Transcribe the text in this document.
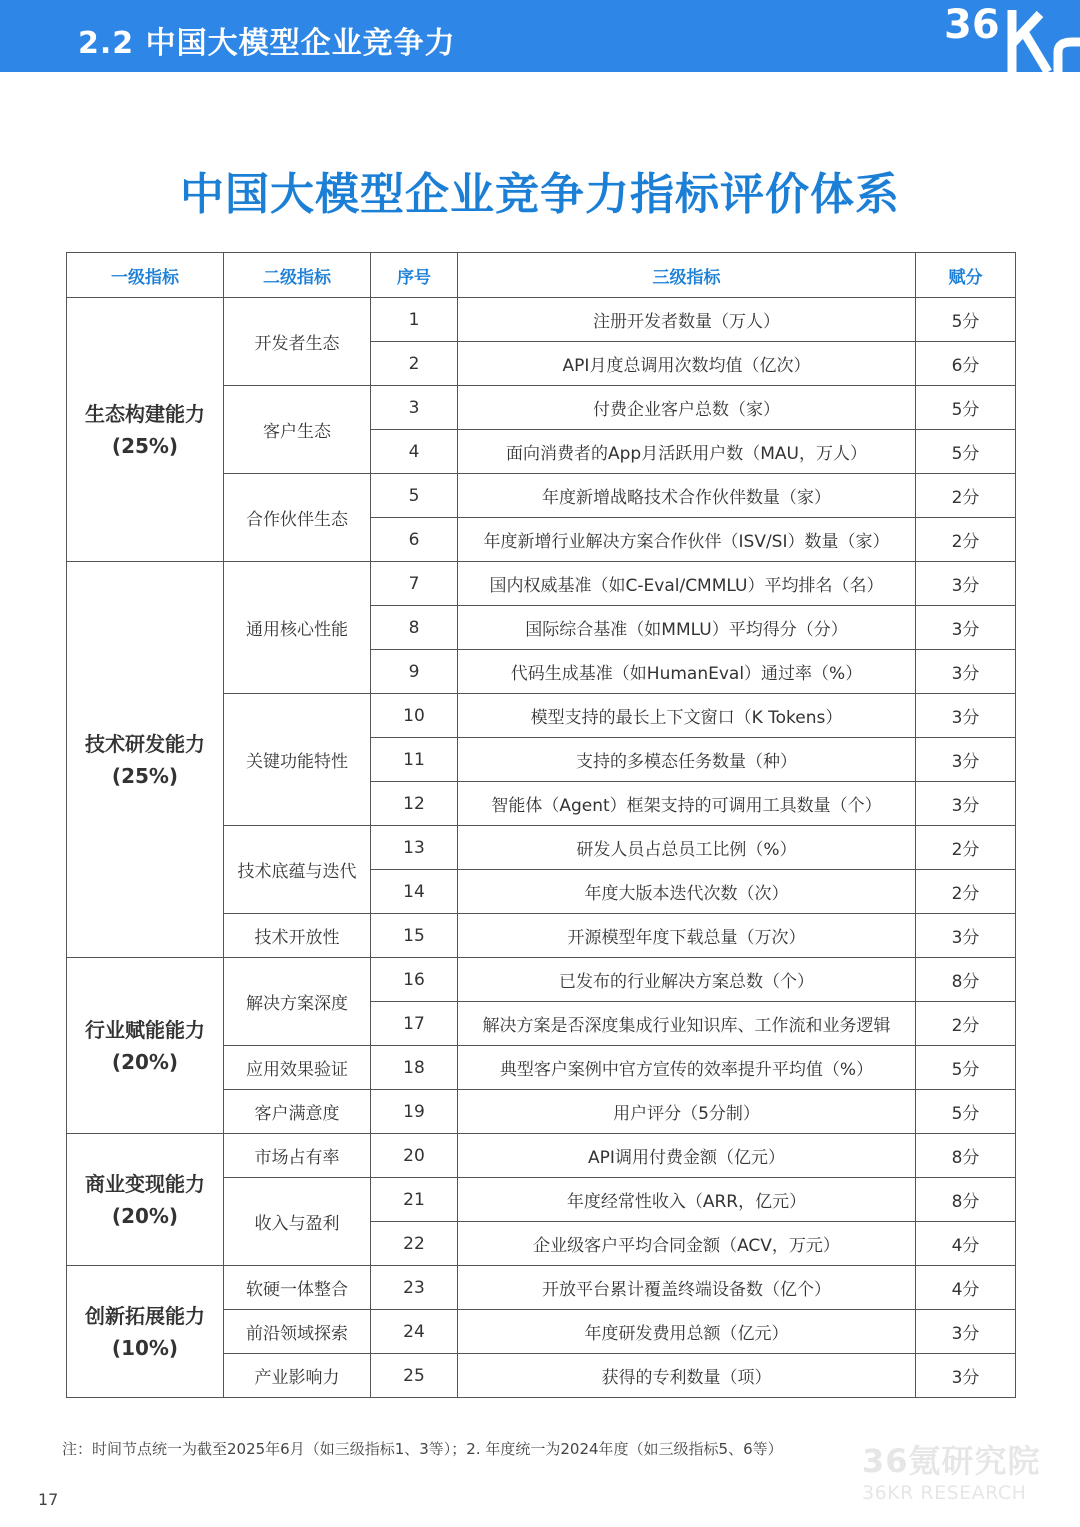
2.2 中国大模型企业竞争力	36
中国大模型企业竞争力指标评价体系
一级指标	二级指标	序号	三级指标	赋分
生态构建能力
(25%)	开发者生态	1	注册开发者数量（万人）	5分
		2	API月度总调用次数均值（亿次）	6分
	客户生态	3	付费企业客户总数（家）	5分
		4	面向消费者的App月活跃用户数（MAU，万人）	5分
	合作伙伴生态	5	年度新增战略技术合作伙伴数量（家）	2分
		6	年度新增行业解决方案合作伙伴（ISV/SI）数量（家）	2分
技术研发能力
(25%)	通用核心性能	7	国内权威基准（如C-Eval/CMMLU）平均排名（名）	3分
		8	国际综合基准（如MMLU）平均得分（分）	3分
		9	代码生成基准（如HumanEval）通过率（%）	3分
	关键功能特性	10	模型支持的最长上下文窗口（K Tokens）	3分
		11	支持的多模态任务数量（种）	3分
		12	智能体（Agent）框架支持的可调用工具数量（个）	3分
	技术底蕴与迭代	13	研发人员占总员工比例（%）	2分
		14	年度大版本迭代次数（次）	2分
	技术开放性	15	开源模型年度下载总量（万次）	3分
行业赋能能力
(20%)	解决方案深度	16	已发布的行业解决方案总数（个）	8分
		17	解决方案是否深度集成行业知识库、工作流和业务逻辑	2分
	应用效果验证	18	典型客户案例中官方宣传的效率提升平均值（%）	5分
	客户满意度	19	用户评分（5分制）	5分
商业变现能力
(20%)	市场占有率	20	API调用付费金额（亿元）	8分
	收入与盈利	21	年度经常性收入（ARR，亿元）	8分
		22	企业级客户平均合同金额（ACV，万元）	4分
创新拓展能力
(10%)	软硬一体整合	23	开放平台累计覆盖终端设备数（亿个）	4分
	前沿领域探索	24	年度研发费用总额（亿元）	3分
	产业影响力	25	获得的专利数量（项）	3分
注：时间节点统一为截至2025年6月（如三级指标1、3等）；2. 年度统一为2024年度（如三级指标5、6等） 36氪研究院
36KR RESEARCH
17
